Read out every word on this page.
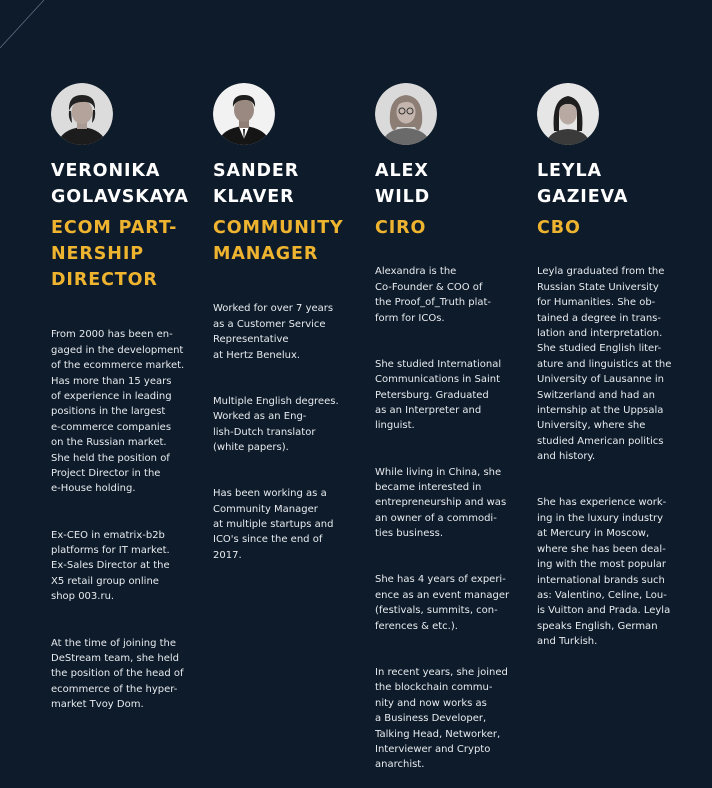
VERONIKA
GOLAVSKAYA
ECOM PART-
NERSHIP
DIRECTOR

From 2000 has been en-
gaged in the development
of the ecommerce market.
Has more than 15 years
of experience in leading
positions in the largest
e-commerce companies
on the Russian market.
She held the position of
Project Director in the
e-House holding.

Ex-CEO in ematrix-b2b
platforms for IT market.
Ex-Sales Director at the
X5 retail group online
shop 003.ru.

At the time of joining the
DeStream team, she held
the position of the head of
ecommerce of the hyper-
market Tvoy Dom.

SANDER
KLAVER
COMMUNITY
MANAGER

Worked for over 7 years
as a Customer Service
Representative
at Hertz Benelux.

Multiple English degrees.
Worked as an Eng-
lish-Dutch translator
(white papers).

Has been working as a
Community Manager
at multiple startups and
ICO's since the end of
2017.

ALEX
WILD
CIRO

Alexandra is the
Co-Founder & COO of
the Proof_of_Truth plat-
form for ICOs.

She studied International
Communications in Saint
Petersburg. Graduated
as an Interpreter and
linguist.

While living in China, she
became interested in
entrepreneurship and was
an owner of a commodi-
ties business.

She has 4 years of experi-
ence as an event manager
(festivals, summits, con-
ferences & etc.).

In recent years, she joined
the blockchain commu-
nity and now works as
a Business Developer,
Talking Head, Networker,
Interviewer and Crypto
anarchist.

LEYLA
GAZIEVA
CBO

Leyla graduated from the
Russian State University
for Humanities. She ob-
tained a degree in trans-
lation and interpretation.
She studied English liter-
ature and linguistics at the
University of Lausanne in
Switzerland and had an
internship at the Uppsala
University, where she
studied American politics
and history.

She has experience work-
ing in the luxury industry
at Mercury in Moscow,
where she has been deal-
ing with the most popular
international brands such
as: Valentino, Celine, Lou-
is Vuitton and Prada. Leyla
speaks English, German
and Turkish.
